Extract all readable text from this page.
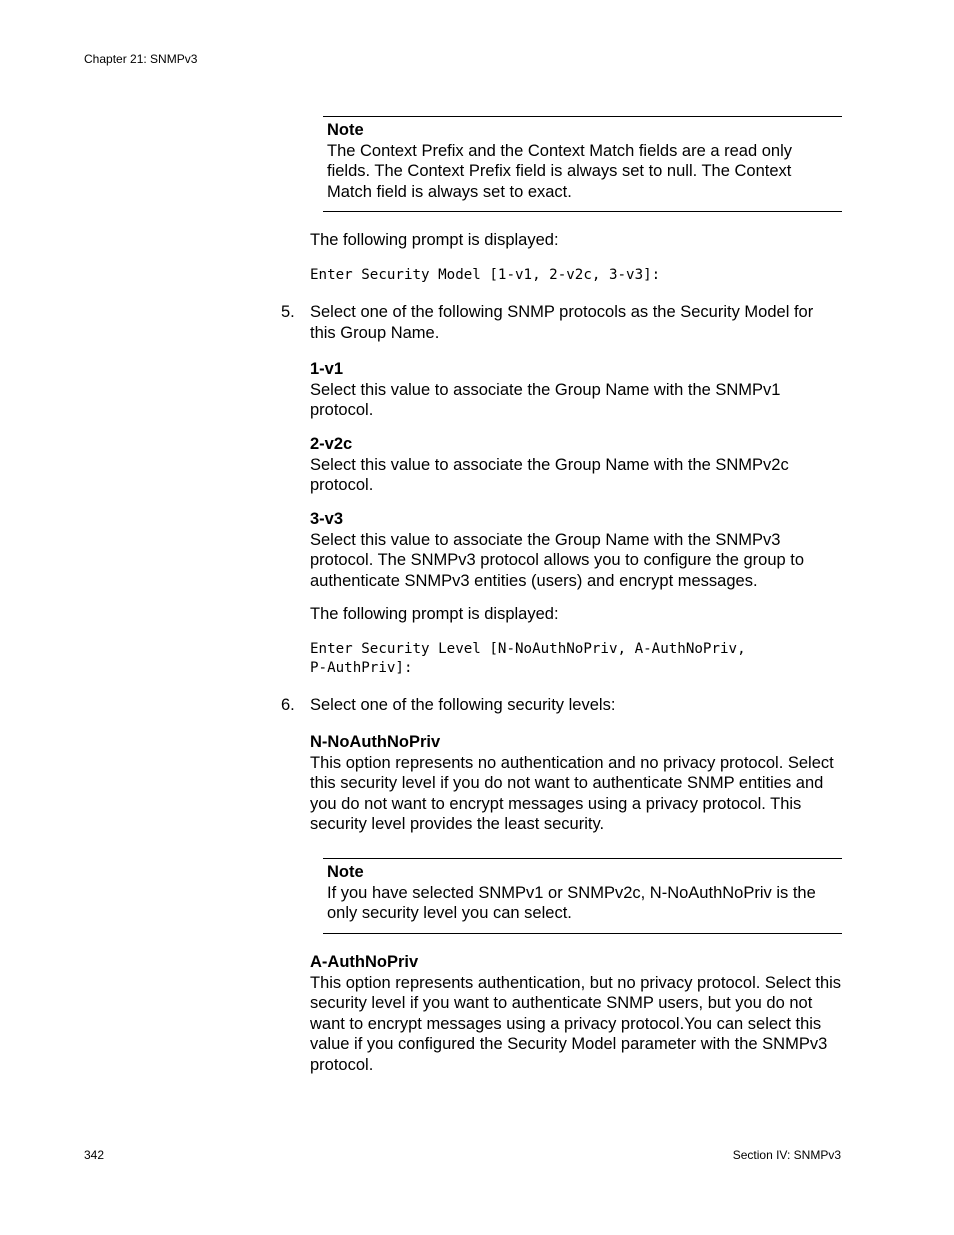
Chapter 21: SNMPv3
Note
The Context Prefix and the Context Match fields are a read only fields. The Context Prefix field is always set to null. The Context Match field is always set to exact.
The following prompt is displayed:
Enter Security Model [1-v1, 2-v2c, 3-v3]:
5. Select one of the following SNMP protocols as the Security Model for this Group Name.
1-v1
Select this value to associate the Group Name with the SNMPv1 protocol.
2-v2c
Select this value to associate the Group Name with the SNMPv2c protocol.
3-v3
Select this value to associate the Group Name with the SNMPv3 protocol. The SNMPv3 protocol allows you to configure the group to authenticate SNMPv3 entities (users) and encrypt messages.
The following prompt is displayed:
Enter Security Level [N-NoAuthNoPriv, A-AuthNoPriv,
P-AuthPriv]:
6. Select one of the following security levels:
N-NoAuthNoPriv
This option represents no authentication and no privacy protocol. Select this security level if you do not want to authenticate SNMP entities and you do not want to encrypt messages using a privacy protocol. This security level provides the least security.
Note
If you have selected SNMPv1 or SNMPv2c, N-NoAuthNoPriv is the only security level you can select.
A-AuthNoPriv
This option represents authentication, but no privacy protocol. Select this security level if you want to authenticate SNMP users, but you do not want to encrypt messages using a privacy protocol.You can select this value if you configured the Security Model parameter with the SNMPv3 protocol.
342	Section IV: SNMPv3
